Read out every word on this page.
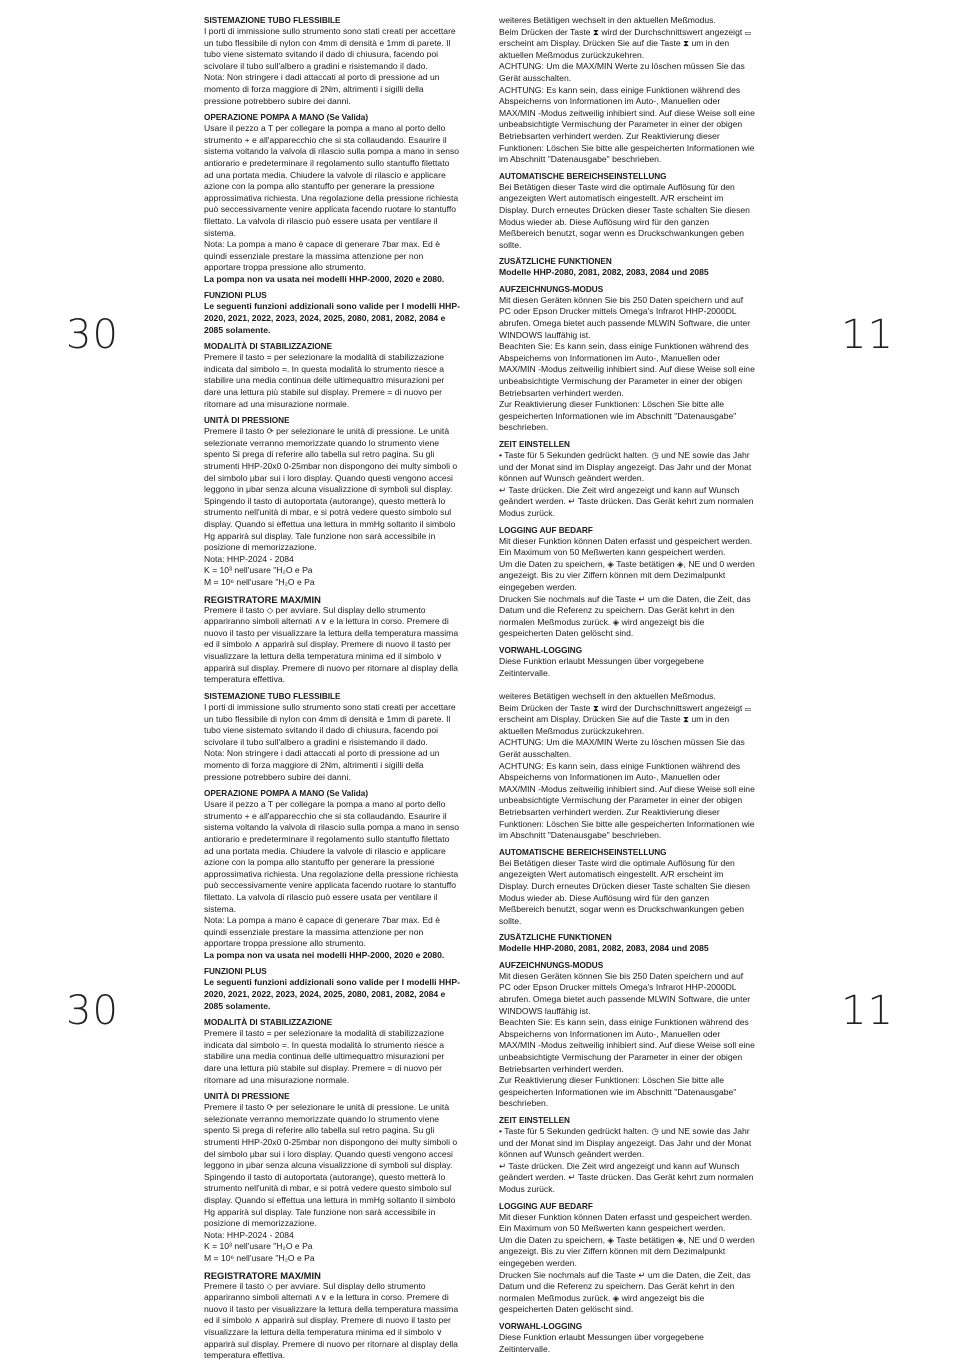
30	11

SISTEMAZIONE TUBO FLESSIBILE

I porti di immissione sullo strumento sono stati creati per accettare un tubo flessibile di nylon con 4mm di densità e 1mm di parete. Il tubo viene sistemato svitando il dado di chiusura, facendo poi scivolare il tubo sull'albero a gradini e risistemando il dado.
Nota: Non stringere i dadi attaccati al porto di pressione ad un momento di forza maggiore di 2Nm, altrimenti i sigilli della pressione potrebbero subire dei danni.

OPERAZIONE POMPA A MANO (Se Valida)

Usare il pezzo a T per collegare la pompa a mano al porto dello strumento + e all'apparecchio che si sta collaudando. Esaurire il sistema voltando la valvola di rilascio sulla pompa a mano in senso antiorario e predeterminare il regolamento sullo stantuffo filettato ad una portata media. Chiudere la valvole di rilascio e applicare azione con la pompa allo stantuffo per generare la pressione approssimativa richiesta. Una regolazione della pressione richiesta può seccessivamente venire applicata facendo ruotare lo stantuffo filettato. La valvola di rilascio può essere usata per ventilare il sistema.
Nota: La pompa a mano è capace di generare 7bar max. Ed è quindi essenziale prestare la massima attenzione per non apportare troppa pressione allo strumento.

La pompa non va usata nei modelli HHP-2000, 2020 e 2080.

FUNZIONI PLUS

Le seguenti funzioni addizionali sono valide per I modelli HHP-2020, 2021, 2022, 2023, 2024, 2025, 2080, 2081, 2082, 2084 e 2085 solamente.

MODALITÀ DI STABILIZZAZIONE

Premere il tasto = per selezionare la modalità di stabilizzazione indicata dal simbolo =. In questa modalità lo strumento riesce a stabilire una media continua delle ultimequattro misurazioni per dare una lettura più stabile sul display. Premere = di nuovo per ritornare ad una misurazione normale.

UNITÀ DI PRESSIONE

Premere il tasto ⟳ per selezionare le unità di pressione. Le unità selezionate verranno memorizzate quando lo strumento viene spento Si prega di referire allo tabella sul retro pagina. Su gli strumenti HHP-20x0 0-25mbar non dispongono dei multy simboli o del simbolo μbar sui i loro display. Quando questi vengono accesi leggono in μbar senza alcuna visualizzione di symboli sul display. Spingendo il tasto di autoportata (autorange), questo metterà lo strumento nell'unità di mbar, e si potrà vedere questo simbolo sul display. Quando si effettua una lettura in mmHg soltanto il simbolo Hg apparirà sul display. Tale funzione non sarà accessibile in posizione di memorizzazione.
Nota: HHP-2024 - 2084
K = 10³ nell'usare "H₂O e Pa
M = 10⁶ nell'usare "H₂O e Pa

REGISTRATORE MAX/MIN

Premere il tasto ◇ per avviare. Sul display dello strumento appariranno simboli alternati ∧∨ e la lettura in corso. Premere di nuovo il tasto per visualizzare la lettura della temperatura massima ed il simbolo ∧ apparirà sul display. Premere di nuovo il tasto per visualizzare la lettura della temperatura minima ed il simbolo ∨ apparirà sul display. Premere di nuovo per ritornare al display della temperatura effettiva.

weiteres Betätigen wechselt in den aktuellen Meßmodus.
Beim Drücken der Taste ⧗ wird der Durchschnittswert angezeigt ▭ erscheint am Display. Drücken Sie auf die Taste ⧗ um in den aktuellen Meßmodus zurückzukehren.
ACHTUNG: Um die MAX/MIN Werte zu löschen müssen Sie das Gerät ausschalten.
ACHTUNG: Es kann sein, dass einige Funktionen während des Abspeicherns von Informationen im Auto-, Manuellen oder MAX/MIN -Modus zeitweilig inhibiert sind. Auf diese Weise soll eine unbeabsichtigte Vermischung der Parameter in einer der obigen Betriebsarten verhindert werden. Zur Reaktivierung dieser Funktionen: Löschen Sie bitte alle gespeicherten Informationen wie im Abschnitt "Datenausgabe" beschrieben.

AUTOMATISCHE BEREICHSEINSTELLUNG

Bei Betätigen dieser Taste wird die optimale Auflösung für den angezeigten Wert automatisch eingestellt. A/R erscheint im Display. Durch erneutes Drücken dieser Taste schalten Sie diesen Modus wieder ab. Diese Auflösung wird für den ganzen Meßbereich benutzt, sogar wenn es Druckschwankungen geben sollte.

ZUSÄTZLICHE FUNKTIONEN

Modelle HHP-2080, 2081, 2082, 2083, 2084 und 2085

AUFZEICHNUNGS-MODUS

Mit diesen Geräten können Sie bis 250 Daten speichern und auf PC oder Epson Drucker mittels Omega's Infrarot HHP-2000DL abrufen. Omega bietet auch passende MLWIN Software, die unter WINDOWS lauffähig ist.
Beachten Sie: Es kann sein, dass einige Funktionen während des Abspeicherns von Informationen im Auto-, Manuellen oder MAX/MIN -Modus zeitweilig inhibiert sind. Auf diese Weise soll eine unbeabsichtigte Vermischung der Parameter in einer der obigen Betriebsarten verhindert werden.
Zur Reaktivierung dieser Funktionen: Löschen Sie bitte alle gespeicherten Informationen wie im Abschnitt "Datenausgabe" beschrieben.

ZEIT EINSTELLEN

• Taste für 5 Sekunden gedrückt halten. ◷ und NE sowie das Jahr und der Monat sind im Display angezeigt. Das Jahr und der Monat können auf Wunsch geändert werden.
↵ Taste drücken. Die Zeit wird angezeigt und kann auf Wunsch geändert werden. ↵ Taste drücken. Das Gerät kehrt zum normalen Modus zurück.

LOGGING AUF BEDARF

Mit dieser Funktion können Daten erfasst und gespeichert werden. Ein Maximum von 50 Meßwerten kann gespeichert werden.
Um die Daten zu speichern, ◈ Taste betätigen ◈, NE und 0 werden angezeigt. Bis zu vier Ziffern können mit dem Dezimalpunkt eingegeben werden.
Drucken Sie nochmals auf die Taste ↵ um die Daten, die Zeit, das Datum und die Referenz zu speichern. Das Gerät kehrt in den normalen Meßmodus zurück. ◈ wird angezeigt bis die gespeicherten Daten gelöscht sind.

VORWAHL-LOGGING

Diese Funktion erlaubt Messungen über vorgegebene Zeitintervalle.

30	11

SISTEMAZIONE TUBO FLESSIBILE

I porti di immissione sullo strumento sono stati creati per accettare un tubo flessibile di nylon con 4mm di densità e 1mm di parete. Il tubo viene sistemato svitando il dado di chiusura, facendo poi scivolare il tubo sull'albero a gradini e risistemando il dado.
Nota: Non stringere i dadi attaccati al porto di pressione ad un momento di forza maggiore di 2Nm, altrimenti i sigilli della pressione potrebbero subire dei danni.

OPERAZIONE POMPA A MANO (Se Valida)

Usare il pezzo a T per collegare la pompa a mano al porto dello strumento + e all'apparecchio che si sta collaudando. Esaurire il sistema voltando la valvola di rilascio sulla pompa a mano in senso antiorario e predeterminare il regolamento sullo stantuffo filettato ad una portata media. Chiudere la valvole di rilascio e applicare azione con la pompa allo stantuffo per generare la pressione approssimativa richiesta. Una regolazione della pressione richiesta può seccessivamente venire applicata facendo ruotare lo stantuffo filettato. La valvola di rilascio può essere usata per ventilare il sistema.
Nota: La pompa a mano è capace di generare 7bar max. Ed è quindi essenziale prestare la massima attenzione per non apportare troppa pressione allo strumento.

La pompa non va usata nei modelli HHP-2000, 2020 e 2080.

FUNZIONI PLUS

Le seguenti funzioni addizionali sono valide per I modelli HHP-2020, 2021, 2022, 2023, 2024, 2025, 2080, 2081, 2082, 2084 e 2085 solamente.

MODALITÀ DI STABILIZZAZIONE

Premere il tasto = per selezionare la modalità di stabilizzazione indicata dal simbolo =. In questa modalità lo strumento riesce a stabilire una media continua delle ultimequattro misurazioni per dare una lettura più stabile sul display. Premere = di nuovo per ritornare ad una misurazione normale.

UNITÀ DI PRESSIONE

Premere il tasto ⟳ per selezionare le unità di pressione. Le unità selezionate verranno memorizzate quando lo strumento viene spento Si prega di referire allo tabella sul retro pagina. Su gli strumenti HHP-20x0 0-25mbar non dispongono dei multy simboli o del simbolo μbar sui i loro display. Quando questi vengono accesi leggono in μbar senza alcuna visualizzione di symboli sul display. Spingendo il tasto di autoportata (autorange), questo metterà lo strumento nell'unità di mbar, e si potrà vedere questo simbolo sul display. Quando si effettua una lettura in mmHg soltanto il simbolo Hg apparirà sul display. Tale funzione non sarà accessibile in posizione di memorizzazione.
Nota: HHP-2024 - 2084
K = 10³ nell'usare "H₂O e Pa
M = 10⁶ nell'usare "H₂O e Pa

REGISTRATORE MAX/MIN

Premere il tasto ◇ per avviare. Sul display dello strumento appariranno simboli alternati ∧∨ e la lettura in corso. Premere di nuovo il tasto per visualizzare la lettura della temperatura massima ed il simbolo ∧ apparirà sul display. Premere di nuovo il tasto per visualizzare la lettura della temperatura minima ed il simbolo ∨ apparirà sul display. Premere di nuovo per ritornare al display della temperatura effettiva.

weiteres Betätigen wechselt in den aktuellen Meßmodus.
Beim Drücken der Taste ⧗ wird der Durchschnittswert angezeigt ▭ erscheint am Display. Drücken Sie auf die Taste ⧗ um in den aktuellen Meßmodus zurückzukehren.
ACHTUNG: Um die MAX/MIN Werte zu löschen müssen Sie das Gerät ausschalten.
ACHTUNG: Es kann sein, dass einige Funktionen während des Abspeicherns von Informationen im Auto-, Manuellen oder MAX/MIN -Modus zeitweilig inhibiert sind. Auf diese Weise soll eine unbeabsichtigte Vermischung der Parameter in einer der obigen Betriebsarten verhindert werden. Zur Reaktivierung dieser Funktionen: Löschen Sie bitte alle gespeicherten Informationen wie im Abschnitt "Datenausgabe" beschrieben.

AUTOMATISCHE BEREICHSEINSTELLUNG

Bei Betätigen dieser Taste wird die optimale Auflösung für den angezeigten Wert automatisch eingestellt. A/R erscheint im Display. Durch erneutes Drücken dieser Taste schalten Sie diesen Modus wieder ab. Diese Auflösung wird für den ganzen Meßbereich benutzt, sogar wenn es Druckschwankungen geben sollte.

ZUSÄTZLICHE FUNKTIONEN

Modelle HHP-2080, 2081, 2082, 2083, 2084 und 2085

AUFZEICHNUNGS-MODUS

Mit diesen Geräten können Sie bis 250 Daten speichern und auf PC oder Epson Drucker mittels Omega's Infrarot HHP-2000DL abrufen. Omega bietet auch passende MLWIN Software, die unter WINDOWS lauffähig ist.
Beachten Sie: Es kann sein, dass einige Funktionen während des Abspeicherns von Informationen im Auto-, Manuellen oder MAX/MIN -Modus zeitweilig inhibiert sind. Auf diese Weise soll eine unbeabsichtigte Vermischung der Parameter in einer der obigen Betriebsarten verhindert werden.
Zur Reaktivierung dieser Funktionen: Löschen Sie bitte alle gespeicherten Informationen wie im Abschnitt "Datenausgabe" beschrieben.

ZEIT EINSTELLEN

• Taste für 5 Sekunden gedrückt halten. ◷ und NE sowie das Jahr und der Monat sind im Display angezeigt. Das Jahr und der Monat können auf Wunsch geändert werden.
↵ Taste drücken. Die Zeit wird angezeigt und kann auf Wunsch geändert werden. ↵ Taste drücken. Das Gerät kehrt zum normalen Modus zurück.

LOGGING AUF BEDARF

Mit dieser Funktion können Daten erfasst und gespeichert werden. Ein Maximum von 50 Meßwerten kann gespeichert werden.
Um die Daten zu speichern, ◈ Taste betätigen ◈, NE und 0 werden angezeigt. Bis zu vier Ziffern können mit dem Dezimalpunkt eingegeben werden.
Drucken Sie nochmals auf die Taste ↵ um die Daten, die Zeit, das Datum und die Referenz zu speichern. Das Gerät kehrt in den normalen Meßmodus zurück. ◈ wird angezeigt bis die gespeicherten Daten gelöscht sind.

VORWAHL-LOGGING

Diese Funktion erlaubt Messungen über vorgegebene Zeitintervalle.
